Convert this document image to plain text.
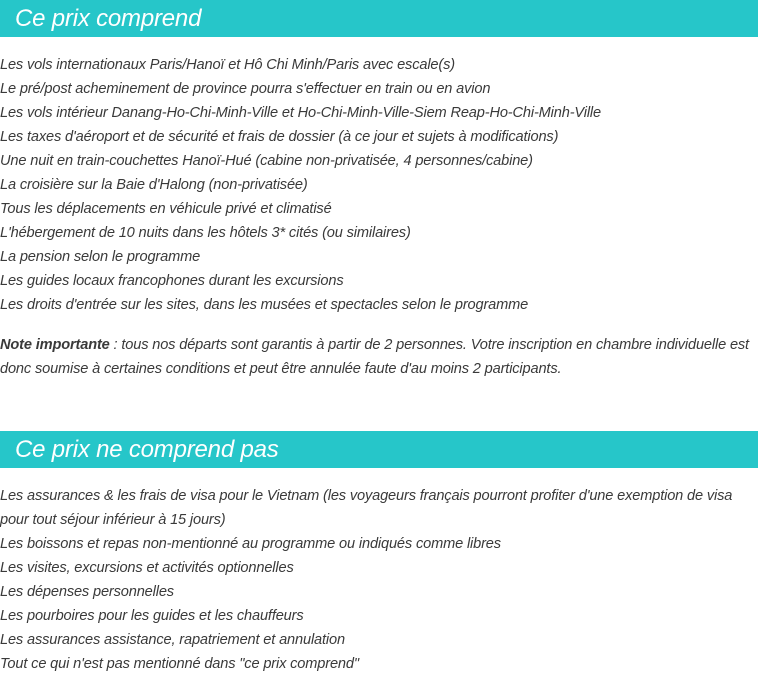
Ce prix comprend
Les vols internationaux Paris/Hanoï et Hô Chi Minh/Paris avec escale(s)
Le pré/post acheminement de province pourra s'effectuer en train ou en avion
Les vols intérieur Danang-Ho-Chi-Minh-Ville et Ho-Chi-Minh-Ville-Siem Reap-Ho-Chi-Minh-Ville
Les taxes d'aéroport et de sécurité et frais de dossier (à ce jour et sujets à modifications)
Une nuit en train-couchettes Hanoï-Hué (cabine non-privatisée, 4 personnes/cabine)
La croisière sur la Baie d'Halong (non-privatisée)
Tous les déplacements en véhicule privé et climatisé
L'hébergement de 10 nuits dans les hôtels 3* cités (ou similaires)
La pension selon le programme
Les guides locaux francophones durant les excursions
Les droits d'entrée sur les sites, dans les musées et spectacles selon le programme

Note importante : tous nos départs sont garantis à partir de 2 personnes. Votre inscription en chambre individuelle est donc soumise à certaines conditions et peut être annulée faute d'au moins 2 participants.

Ce prix ne comprend pas
Les assurances & les frais de visa pour le Vietnam (les voyageurs français pourront profiter d'une exemption de visa pour tout séjour inférieur à 15 jours)
Les boissons et repas non-mentionné au programme ou indiqués comme libres
Les visites, excursions et activités optionnelles
Les dépenses personnelles
Les pourboires pour les guides et les chauffeurs
Les assurances assistance, rapatriement et annulation
Tout ce qui n'est pas mentionné dans "ce prix comprend"
